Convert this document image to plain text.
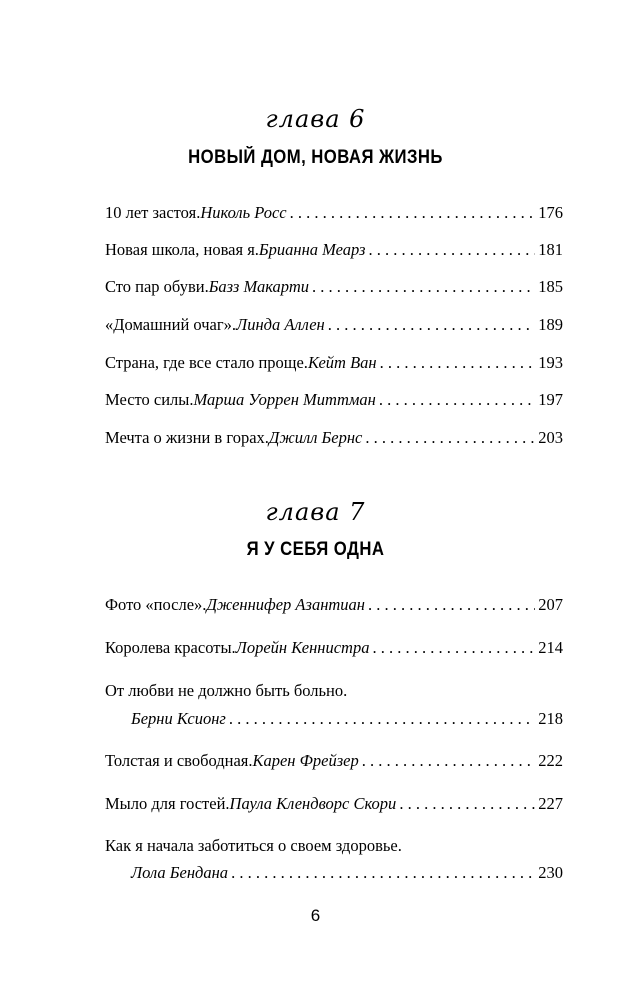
глава 6
НОВЫЙ ДОМ, НОВАЯ ЖИЗНЬ
10 лет застоя. Николь Росс . . .	176
Новая школа, новая я. Брианна Меарз . . .	181
Сто пар обуви. Базз Макарти . . .	185
«Домашний очаг». Линда Аллен . . .	189
Страна, где все стало проще. Кейт Ван . . .	193
Место силы. Марша Уоррен Миттман . . .	197
Мечта о жизни в горах. Джилл Бернс . . .	203
глава 7
Я У СЕБЯ ОДНА
Фото «после». Дженнифер Азантиан . . .	207
Королева красоты. Лорейн Кеннистра . . .	214
От любви не должно быть больно.
Берни Ксионг . . .	218
Толстая и свободная. Карен Фрейзер . . .	222
Мыло для гостей. Паула Клендворс Скори . . .	227
Как я начала заботиться о своем здоровье.
Лола Бендана . . .	230
6
